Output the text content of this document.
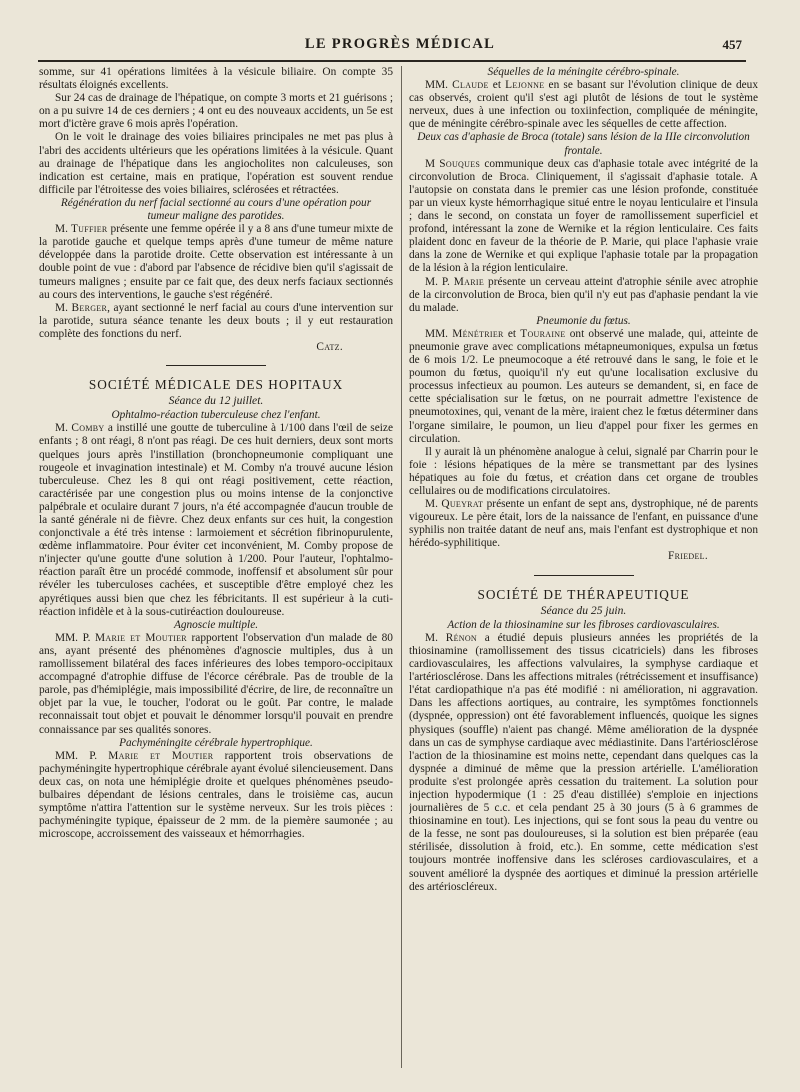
LE PROGRÈS MÉDICAL	457

somme, sur 41 opérations limitées à la vésicule biliaire. On compte 35 résultats éloignés excellents.

Sur 24 cas de drainage de l'hépatique, on compte 3 morts et 21 guérisons ; on a pu suivre 14 de ces derniers ; 4 ont eu des nouveaux accidents, un 5e est mort d'ictère grave 6 mois après l'opération.

On le voit le drainage des voies biliaires principales ne met pas plus à l'abri des accidents ultérieurs que les opérations limitées à la vésicule. Quant au drainage de l'hépatique dans les angiocholites non calculeuses, son indication est certaine, mais en pratique, l'opération est souvent rendue difficile par l'étroitesse des voies biliaires, sclérosées et rétractées.

Régénération du nerf facial sectionné au cours d'une opération pour tumeur maligne des parotides.

M. Tuffier présente une femme opérée il y a 8 ans d'une tumeur mixte de la parotide gauche et quelque temps après d'une tumeur de même nature développée dans la parotide droite. Cette observation est intéressante à un double point de vue : d'abord par l'absence de récidive bien qu'il s'agissait de tumeurs malignes ; ensuite par ce fait que, des deux nerfs faciaux sectionnés au cours des interventions, le gauche s'est régénéré.

M. Berger, ayant sectionné le nerf facial au cours d'une intervention sur la parotide, sutura séance tenante les deux bouts ; il y eut restauration complète des fonctions du nerf.

Catz.

SOCIÉTÉ MÉDICALE DES HOPITAUX

Séance du 12 juillet.

Ophtalmo-réaction tuberculeuse chez l'enfant.

M. Comby a instillé une goutte de tuberculine à 1/100 dans l'œil de seize enfants ; 8 ont réagi, 8 n'ont pas réagi. De ces huit derniers, deux sont morts quelques jours après l'instillation (bronchopneumonie compliquant une rougeole et invagination intestinale) et M. Comby n'a trouvé aucune lésion tuberculeuse. Chez les 8 qui ont réagi positivement, cette réaction, caractérisée par une congestion plus ou moins intense de la conjonctive palpébrale et oculaire durant 7 jours, n'a été accompagnée d'aucun trouble de la santé générale ni de fièvre. Chez deux enfants sur ces huit, la congestion conjonctivale a été très intense : larmoiement et sécrétion fibrinopurulente, œdème inflammatoire. Pour éviter cet inconvénient, M. Comby propose de n'injecter qu'une goutte d'une solution à 1/200. Pour l'auteur, l'ophtalmo-réaction paraît être un procédé commode, inoffensif et absolument sûr pour révéler les tuberculoses cachées, et susceptible d'être employé chez les apyrétiques aussi bien que chez les fébricitants. Il est supérieur à la cuti-réaction infidèle et à la sous-cutiréaction douloureuse.

Agnoscie multiple.

MM. P. Marie et Moutier rapportent l'observation d'un malade de 80 ans, ayant présenté des phénomènes d'agnoscie multiples, dus à un ramollissement bilatéral des faces inférieures des lobes temporo-occipitaux accompagné d'atrophie diffuse de l'écorce cérébrale. Pas de trouble de la parole, pas d'hémiplégie, mais impossibilité d'écrire, de lire, de reconnaître un objet par la vue, le toucher, l'odorat ou le goût. Par contre, le malade reconnaissait tout objet et pouvait le dénommer lorsqu'il pouvait en prendre connaissance par ses qualités sonores.

Pachyméningite cérébrale hypertrophique.

MM. P. Marie et Moutier rapportent trois observations de pachyméningite hypertrophique cérébrale ayant évolué silencieusement. Dans deux cas, on nota une hémiplégie droite et quelques phénomènes pseudo-bulbaires dépendant de lésions centrales, dans le troisième cas, aucun symptôme n'attira l'attention sur le système nerveux. Sur les trois pièces : pachyméningite typique, épaisseur de 2 mm. de la piemère saumonée ; au microscope, accroissement des vaisseaux et hémorrhagies.

Séquelles de la méningite cérébro-spinale.

MM. Claude et Lejonne en se basant sur l'évolution clinique de deux cas observés, croient qu'il s'est agi plutôt de lésions de tout le système nerveux, dues à une infection ou toxiinfection, compliquée de méningite, que de méningite cérébro-spinale avec les séquelles de cette affection.

Deux cas d'aphasie de Broca (totale) sans lésion de la IIIe circonvolution frontale.

M Souques communique deux cas d'aphasie totale avec intégrité de la circonvolution de Broca. Cliniquement, il s'agissait d'aphasie totale. A l'autopsie on constata dans le premier cas une lésion profonde, constituée par un vieux kyste hémorrhagique situé entre le noyau lenticulaire et l'insula ; dans le second, on constata un foyer de ramollissement superficiel et profond, intéressant la zone de Wernike et la région lenticulaire. Ces faits plaident donc en faveur de la théorie de P. Marie, qui place l'aphasie vraie dans la zone de Wernike et qui explique l'aphasie totale par la propagation de la lésion à la région lenticulaire.

M. P. Marie présente un cerveau atteint d'atrophie sénile avec atrophie de la circonvolution de Broca, bien qu'il n'y eut pas d'aphasie pendant la vie du malade.

Pneumonie du fœtus.

MM. Ménétrier et Touraine ont observé une malade, qui, atteinte de pneumonie grave avec complications métapneumoniques, expulsa un fœtus de 6 mois 1/2. Le pneumocoque a été retrouvé dans le sang, le foie et le poumon du fœtus, quoiqu'il n'y eut qu'une localisation exclusive du processus infectieux au poumon. Les auteurs se demandent, si, en face de cette spécialisation sur le fœtus, on ne pourrait admettre l'existence de pneumotoxines, qui, venant de la mère, iraient chez le fœtus déterminer dans l'organe similaire, le poumon, un lieu d'appel pour fixer les germes en circulation.

Il y aurait là un phénomène analogue à celui, signalé par Charrin pour le foie : lésions hépatiques de la mère se transmettant par des lysines hépatiques au foie du fœtus, et création dans cet organe de troubles cellulaires ou de modifications circulatoires.

M. Queyrat présente un enfant de sept ans, dystrophique, né de parents vigoureux. Le père était, lors de la naissance de l'enfant, en puissance d'une syphilis non traitée datant de neuf ans, mais l'enfant est dystrophique et non hérédo-syphilitique.

Friedel.

SOCIÉTÉ DE THÉRAPEUTIQUE

Séance du 25 juin.

Action de la thiosinamine sur les fibroses cardiovasculaires.

M. Rénon a étudié depuis plusieurs années les propriétés de la thiosinamine (ramollissement des tissus cicatriciels) dans les fibroses cardiovasculaires, les affections valvulaires, la symphyse cardiaque et l'artériosclérose. Dans les affections mitrales (rétrécissement et insuffisance) l'état cardiopathique n'a pas été modifié : ni amélioration, ni aggravation. Dans les affections aortiques, au contraire, les symptômes fonctionnels (dyspnée, oppression) ont été favorablement influencés, quoique les signes physiques (souffle) n'aient pas changé. Même amélioration de la dyspnée dans un cas de symphyse cardiaque avec médiastinite. Dans l'artériosclérose l'action de la thiosinamine est moins nette, cependant dans quelques cas la dyspnée a diminué de même que la pression artérielle. L'amélioration produite s'est prolongée après cessation du traitement. La solution pour injection hypodermique (1 : 25 d'eau distillée) s'emploie en injections journalières de 5 c.c. et cela pendant 25 à 30 jours (5 à 6 grammes de thiosinamine en tout). Les injections, qui se font sous la peau du ventre ou de la fesse, ne sont pas douloureuses, si la solution est bien préparée (eau stérilisée, dissolution à froid, etc.). En somme, cette médication s'est toujours montrée inoffensive dans les scléroses cardiovasculaires, et a souvent amélioré la dyspnée des aortiques et diminué la pression artérielle des artérioscléreux.
